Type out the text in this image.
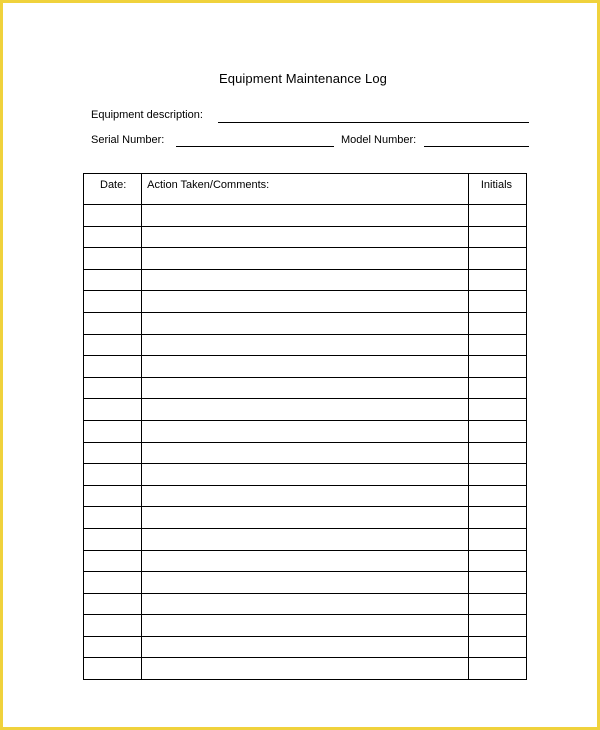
Equipment Maintenance Log
Equipment description:
Serial Number:	Model Number:
Date:	Action Taken/Comments:	Initials
